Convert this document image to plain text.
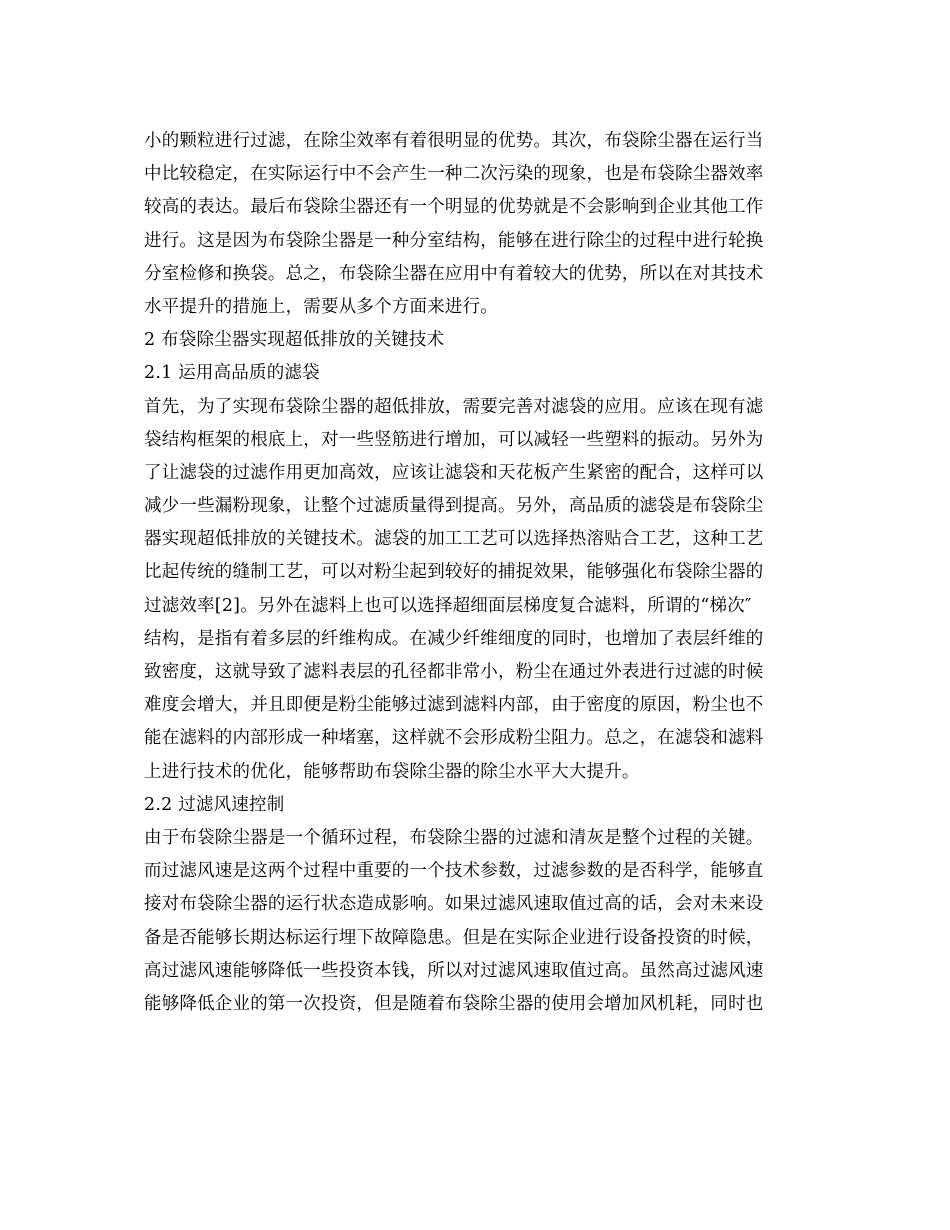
小的颗粒进行过滤，在除尘效率有着很明显的优势。其次，布袋除尘器在运行当
中比较稳定，在实际运行中不会产生一种二次污染的现象，也是布袋除尘器效率
较高的表达。最后布袋除尘器还有一个明显的优势就是不会影响到企业其他工作
进行。这是因为布袋除尘器是一种分室结构，能够在进行除尘的过程中进行轮换
分室检修和换袋。总之，布袋除尘器在应用中有着较大的优势，所以在对其技术
水平提升的措施上，需要从多个方面来进行。
2 布袋除尘器实现超低排放的关键技术
2.1 运用高品质的滤袋
首先，为了实现布袋除尘器的超低排放，需要完善对滤袋的应用。应该在现有滤
袋结构框架的根底上，对一些竖筋进行增加，可以减轻一些塑料的振动。另外为
了让滤袋的过滤作用更加高效，应该让滤袋和天花板产生紧密的配合，这样可以
减少一些漏粉现象，让整个过滤质量得到提高。另外，高品质的滤袋是布袋除尘
器实现超低排放的关键技术。滤袋的加工工艺可以选择热溶贴合工艺，这种工艺
比起传统的缝制工艺，可以对粉尘起到较好的捕捉效果，能够强化布袋除尘器的
过滤效率[2]。另外在滤料上也可以选择超细面层梯度复合滤料，所谓的“梯次″
结构，是指有着多层的纤维构成。在减少纤维细度的同时，也增加了表层纤维的
致密度，这就导致了滤料表层的孔径都非常小，粉尘在通过外表进行过滤的时候
难度会增大，并且即便是粉尘能够过滤到滤料内部，由于密度的原因，粉尘也不
能在滤料的内部形成一种堵塞，这样就不会形成粉尘阻力。总之，在滤袋和滤料
上进行技术的优化，能够帮助布袋除尘器的除尘水平大大提升。
2.2 过滤风速控制
由于布袋除尘器是一个循环过程，布袋除尘器的过滤和清灰是整个过程的关键。
而过滤风速是这两个过程中重要的一个技术参数，过滤参数的是否科学，能够直
接对布袋除尘器的运行状态造成影响。如果过滤风速取值过高的话，会对未来设
备是否能够长期达标运行埋下故障隐患。但是在实际企业进行设备投资的时候，
高过滤风速能够降低一些投资本钱，所以对过滤风速取值过高。虽然高过滤风速
能够降低企业的第一次投资，但是随着布袋除尘器的使用会增加风机耗，同时也
